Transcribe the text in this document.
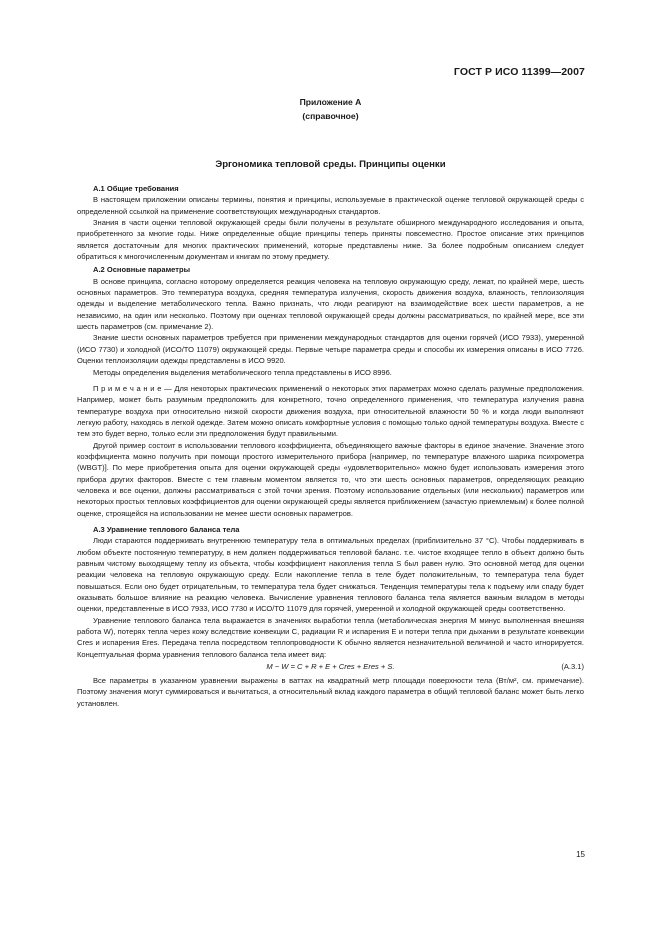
ГОСТ Р ИСО 11399—2007
Приложение А
(справочное)
Эргономика тепловой среды. Принципы оценки

А.1 Общие требования

В настоящем приложении описаны термины, понятия и принципы, используемые в практической оценке тепловой окружающей среды с определенной ссылкой на применение соответствующих международных стандартов.

Знания в части оценки тепловой окружающей среды были получены в результате обширного международного исследования и опыта, приобретенного за многие годы. Ниже определенные общие принципы теперь приняты повсеместно. Простое описание этих принципов является достаточным для многих практических применений, которые представлены ниже. За более подробным описанием следует обратиться к многочисленным документам и книгам по этому предмету.

А.2 Основные параметры

В основе принципа, согласно которому определяется реакция человека на тепловую окружающую среду, лежат, по крайней мере, шесть основных параметров. Это температура воздуха, средняя температура излучения, скорость движения воздуха, влажность, теплоизоляция одежды и выделение метаболического тепла. Важно признать, что люди реагируют на взаимодействие всех шести параметров, а не независимо, на один или несколько. Поэтому при оценках тепловой окружающей среды должны рассматриваться, по крайней мере, все эти шесть параметров (см. примечание 2).

Знание шести основных параметров требуется при применении международных стандартов для оценки горячей (ИСО 7933), умеренной (ИСО 7730) и холодной (ИСО/ТО 11079) окружающей среды. Первые четыре параметра среды и способы их измерения описаны в ИСО 7726. Оценки теплоизоляции одежды представлены в ИСО 9920.

Методы определения выделения метаболического тепла представлены в ИСО 8996.

П р и м е ч а н и е — Для некоторых практических применений о некоторых этих параметрах можно сделать разумные предположения. Например, может быть разумным предположить для конкретного, точно определенного применения, что температура излучения равна температуре воздуха при относительно низкой скорости движения воздуха, при относительной влажности 50 % и когда люди выполняют легкую работу, находясь в легкой одежде. Затем можно описать комфортные условия с помощью только одной температуры воздуха. Вместе с тем это будет верно, только если эти предположения будут правильными.

Другой пример состоит в использовании теплового коэффициента, объединяющего важные факторы в единое значение. Значение этого коэффициента можно получить при помощи простого измерительного прибора [например, по температуре влажного шарика психрометра (WBGT)]. По мере приобретения опыта для оценки окружающей среды «удовлетворительно» можно будет использовать измерения этого прибора других факторов. Вместе с тем главным моментом является то, что эти шесть основных параметров, определяющих реакцию человека и все оценки, должны рассматриваться с этой точки зрения. Поэтому использование отдельных (или нескольких) параметров или некоторых простых тепловых коэффициентов для оценки окружающей среды является приближением (зачастую приемлемым) к более полной оценке, строящейся на использовании не менее шести основных параметров.

А.3 Уравнение теплового баланса тела

Люди стараются поддерживать внутреннюю температуру тела в оптимальных пределах (приблизительно 37 °С). Чтобы поддерживать в любом объекте постоянную температуру, в нем должен поддерживаться тепловой баланс. т.е. чистое входящее тепло в объект должно быть равным чистому выходящему теплу из объекта, чтобы коэффициент накопления тепла S был равен нулю. Это основной метод для оценки реакции человека на тепловую окружающую среду. Если накопление тепла в теле будет положительным, то температура тела будет повышаться. Если оно будет отрицательным, то температура тела будет снижаться. Тенденция температуры тела к подъему или спаду будет оказывать большое влияние на реакцию человека. Вычисление уравнения теплового баланса тела является важным вкладом в методы оценки, представленные в ИСО 7933, ИСО 7730 и ИСО/ТО 11079 для горячей, умеренной и холодной окружающей среды соответственно.

Уравнение теплового баланса тела выражается в значениях выработки тепла (метаболическая энергия M минус выполненная внешняя работа W), потерях тепла через кожу вследствие конвекции C, радиации R и испарения E и потери тепла при дыхании в результате конвекции Cres и испарения Eres. Передача тепла посредством теплопроводности K обычно является незначительной величиной и часто игнорируется. Концептуальная форма уравнения теплового баланса тела имеет вид:

M − W = C + R + E + Cres + Eres + S.	(А.3.1)

Все параметры в указанном уравнении выражены в ваттах на квадратный метр площади поверхности тела (Вт/м², см. примечание). Поэтому значения могут суммироваться и вычитаться, а относительный вклад каждого параметра в общий тепловой баланс может быть легко установлен.

15
